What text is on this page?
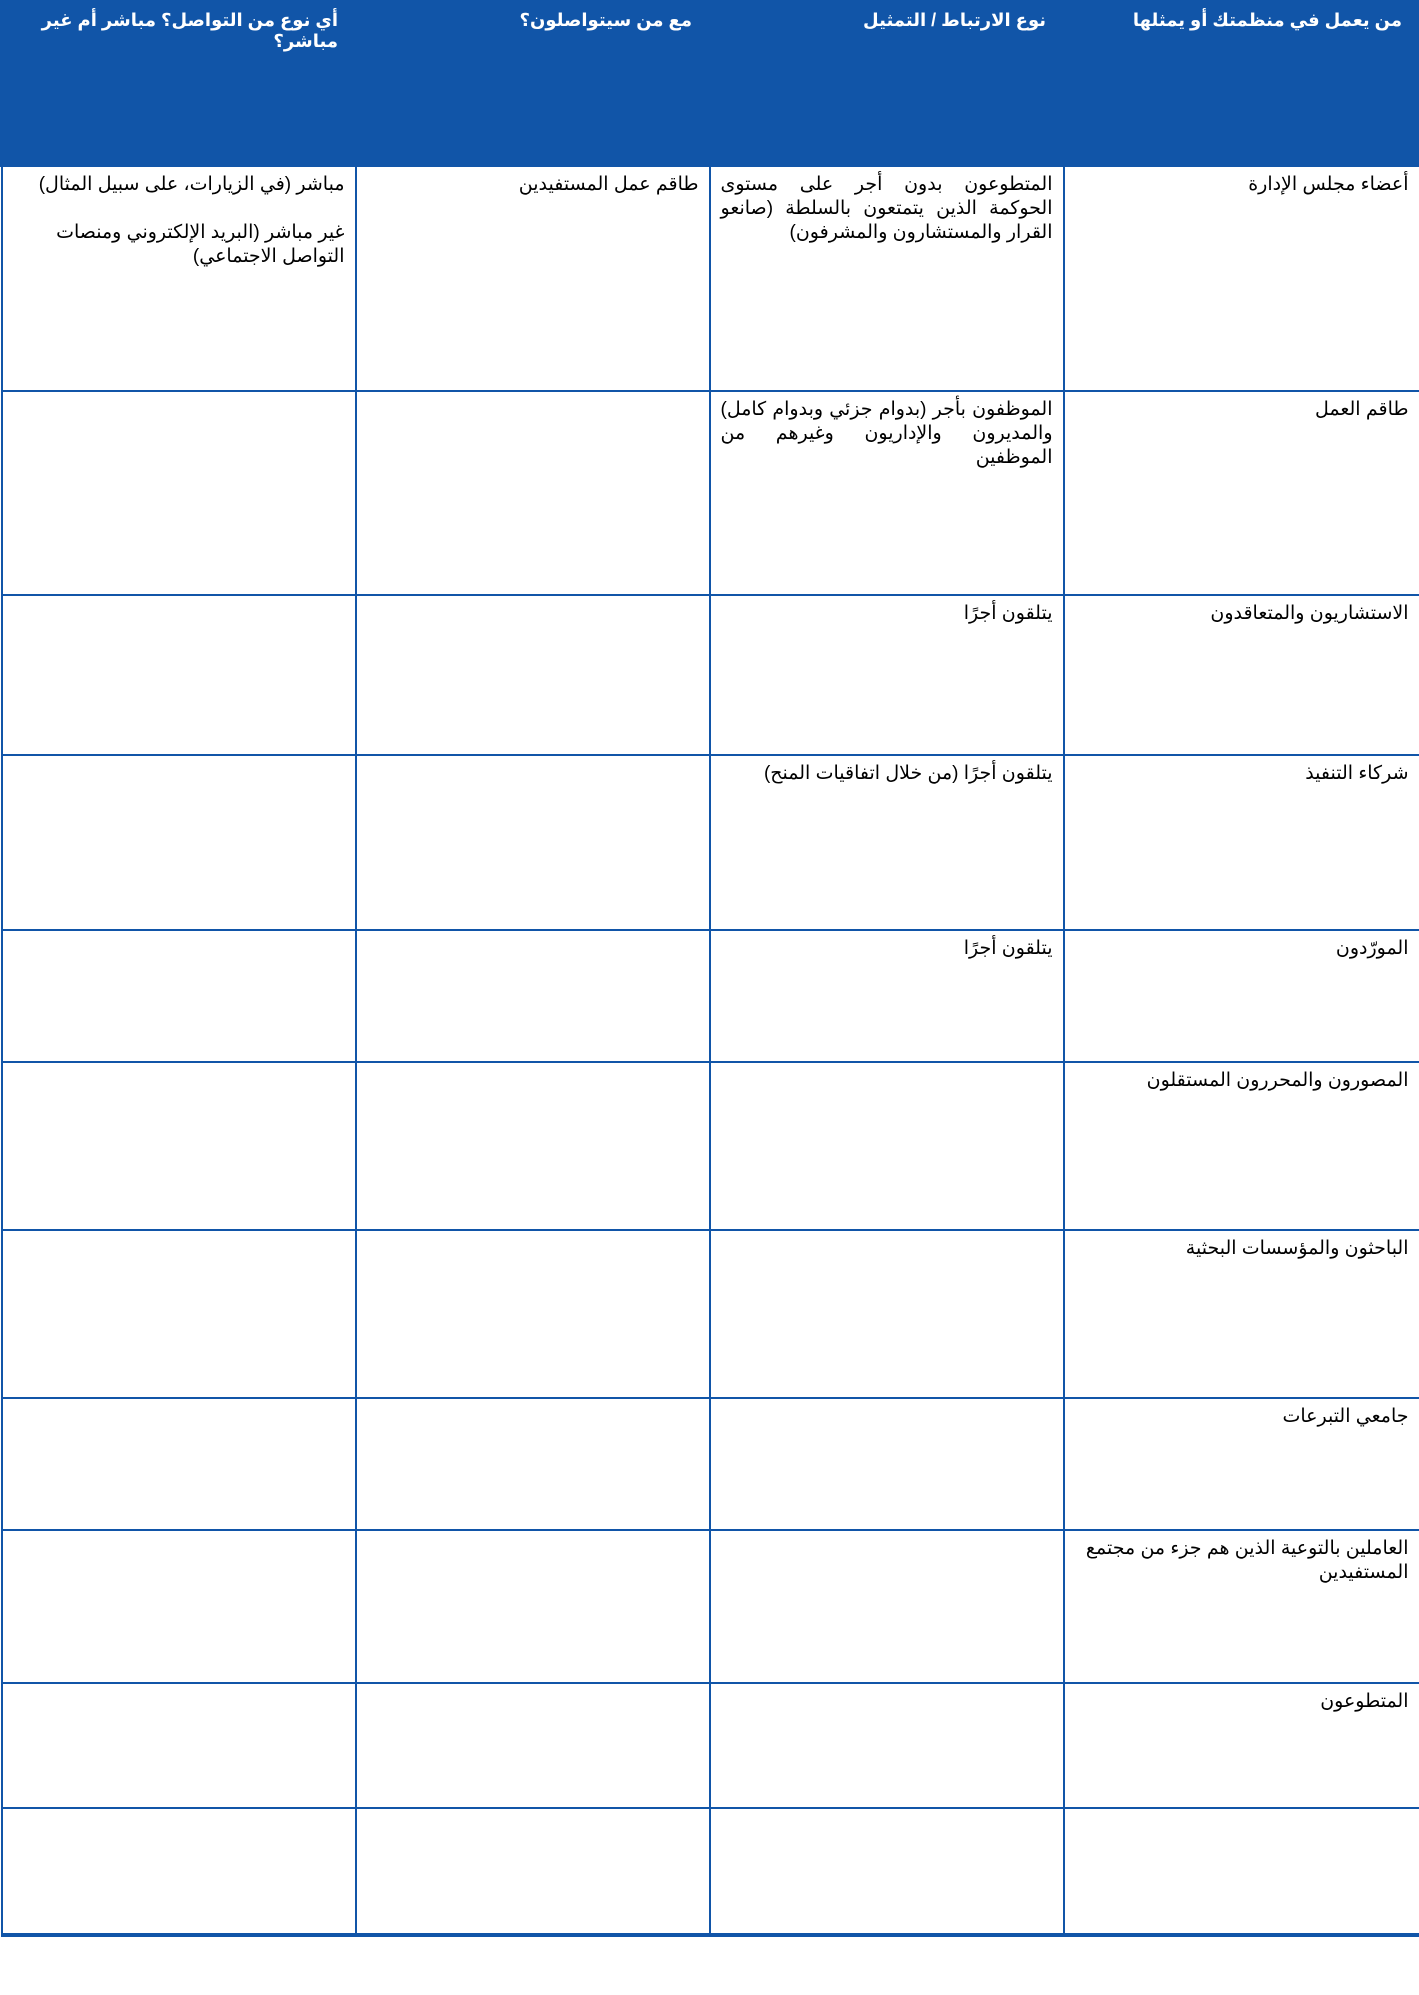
من يعمل في منظمتك أو يمثلها	نوع الارتباط / التمثيل	مع من سيتواصلون؟	أي نوع من التواصل؟ مباشر أم غير مباشر؟
أعضاء مجلس الإدارة	المتطوعون بدون أجر على مستوى الحوكمة الذين يتمتعون بالسلطة (صانعو القرار والمستشارون والمشرفون)	طاقم عمل المستفيدين	مباشر (في الزيارات، على سبيل المثال)
غير مباشر (البريد الإلكتروني ومنصات التواصل الاجتماعي)

طاقم العمل	الموظفون بأجر (بدوام جزئي وبدوام كامل) والمديرون والإداريون وغيرهم من الموظفين		

الاستشاريون والمتعاقدون	يتلقون أجرًا		

شركاء التنفيذ	يتلقون أجرًا (من خلال اتفاقيات المنح)		

المورّدون	يتلقون أجرًا		

المصورون والمحررون المستقلون			

الباحثون والمؤسسات البحثية			

جامعي التبرعات			

العاملين بالتوعية الذين هم جزء من مجتمع المستفيدين			

المتطوعون			
